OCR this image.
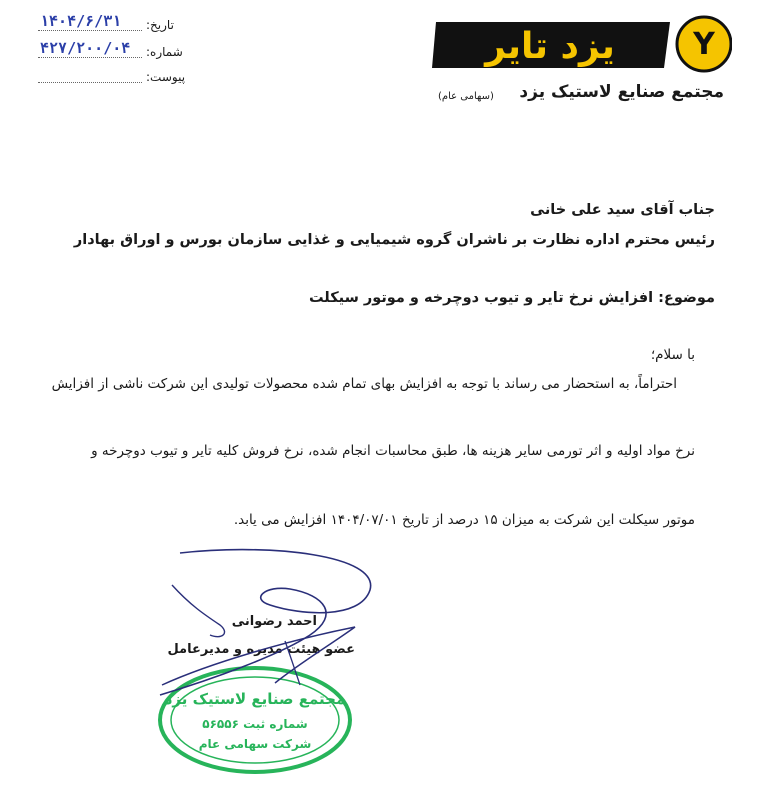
Y
یزد تایر
مجتمع صنایع لاستیک یزد
(سهامی عام)
تاریخ:
۱۴۰۴/۶/۳۱
شماره:
۴۲۷/۲۰۰/۰۴
پیوست:
جناب آقای سید علی خانی
رئیس محترم اداره نظارت بر ناشران گروه شیمیایی و غذایی سازمان بورس و اوراق بهادار
موضوع: افزایش نرخ تایر و تیوب دوچرخه و موتور سیکلت
با سلام؛
احتراماً، به استحضار می رساند با توجه به افزایش بهای تمام شده محصولات تولیدی این شرکت ناشی از افزایش
نرخ مواد اولیه و اثر تورمی سایر هزینه ها، طبق محاسبات انجام شده، نرخ فروش کلیه تایر و تیوب دوچرخه و
موتور سیکلت این شرکت به میزان ۱۵ درصد از تاریخ ۱۴۰۴/۰۷/۰۱ افزایش می یابد.
مجتمع صنایع لاستیک یزد
شماره ثبت ۵۶۵۵۶
شرکت سهامی عام
احمد رضوانی
عضو هیئت مدیره و مدیرعامل
